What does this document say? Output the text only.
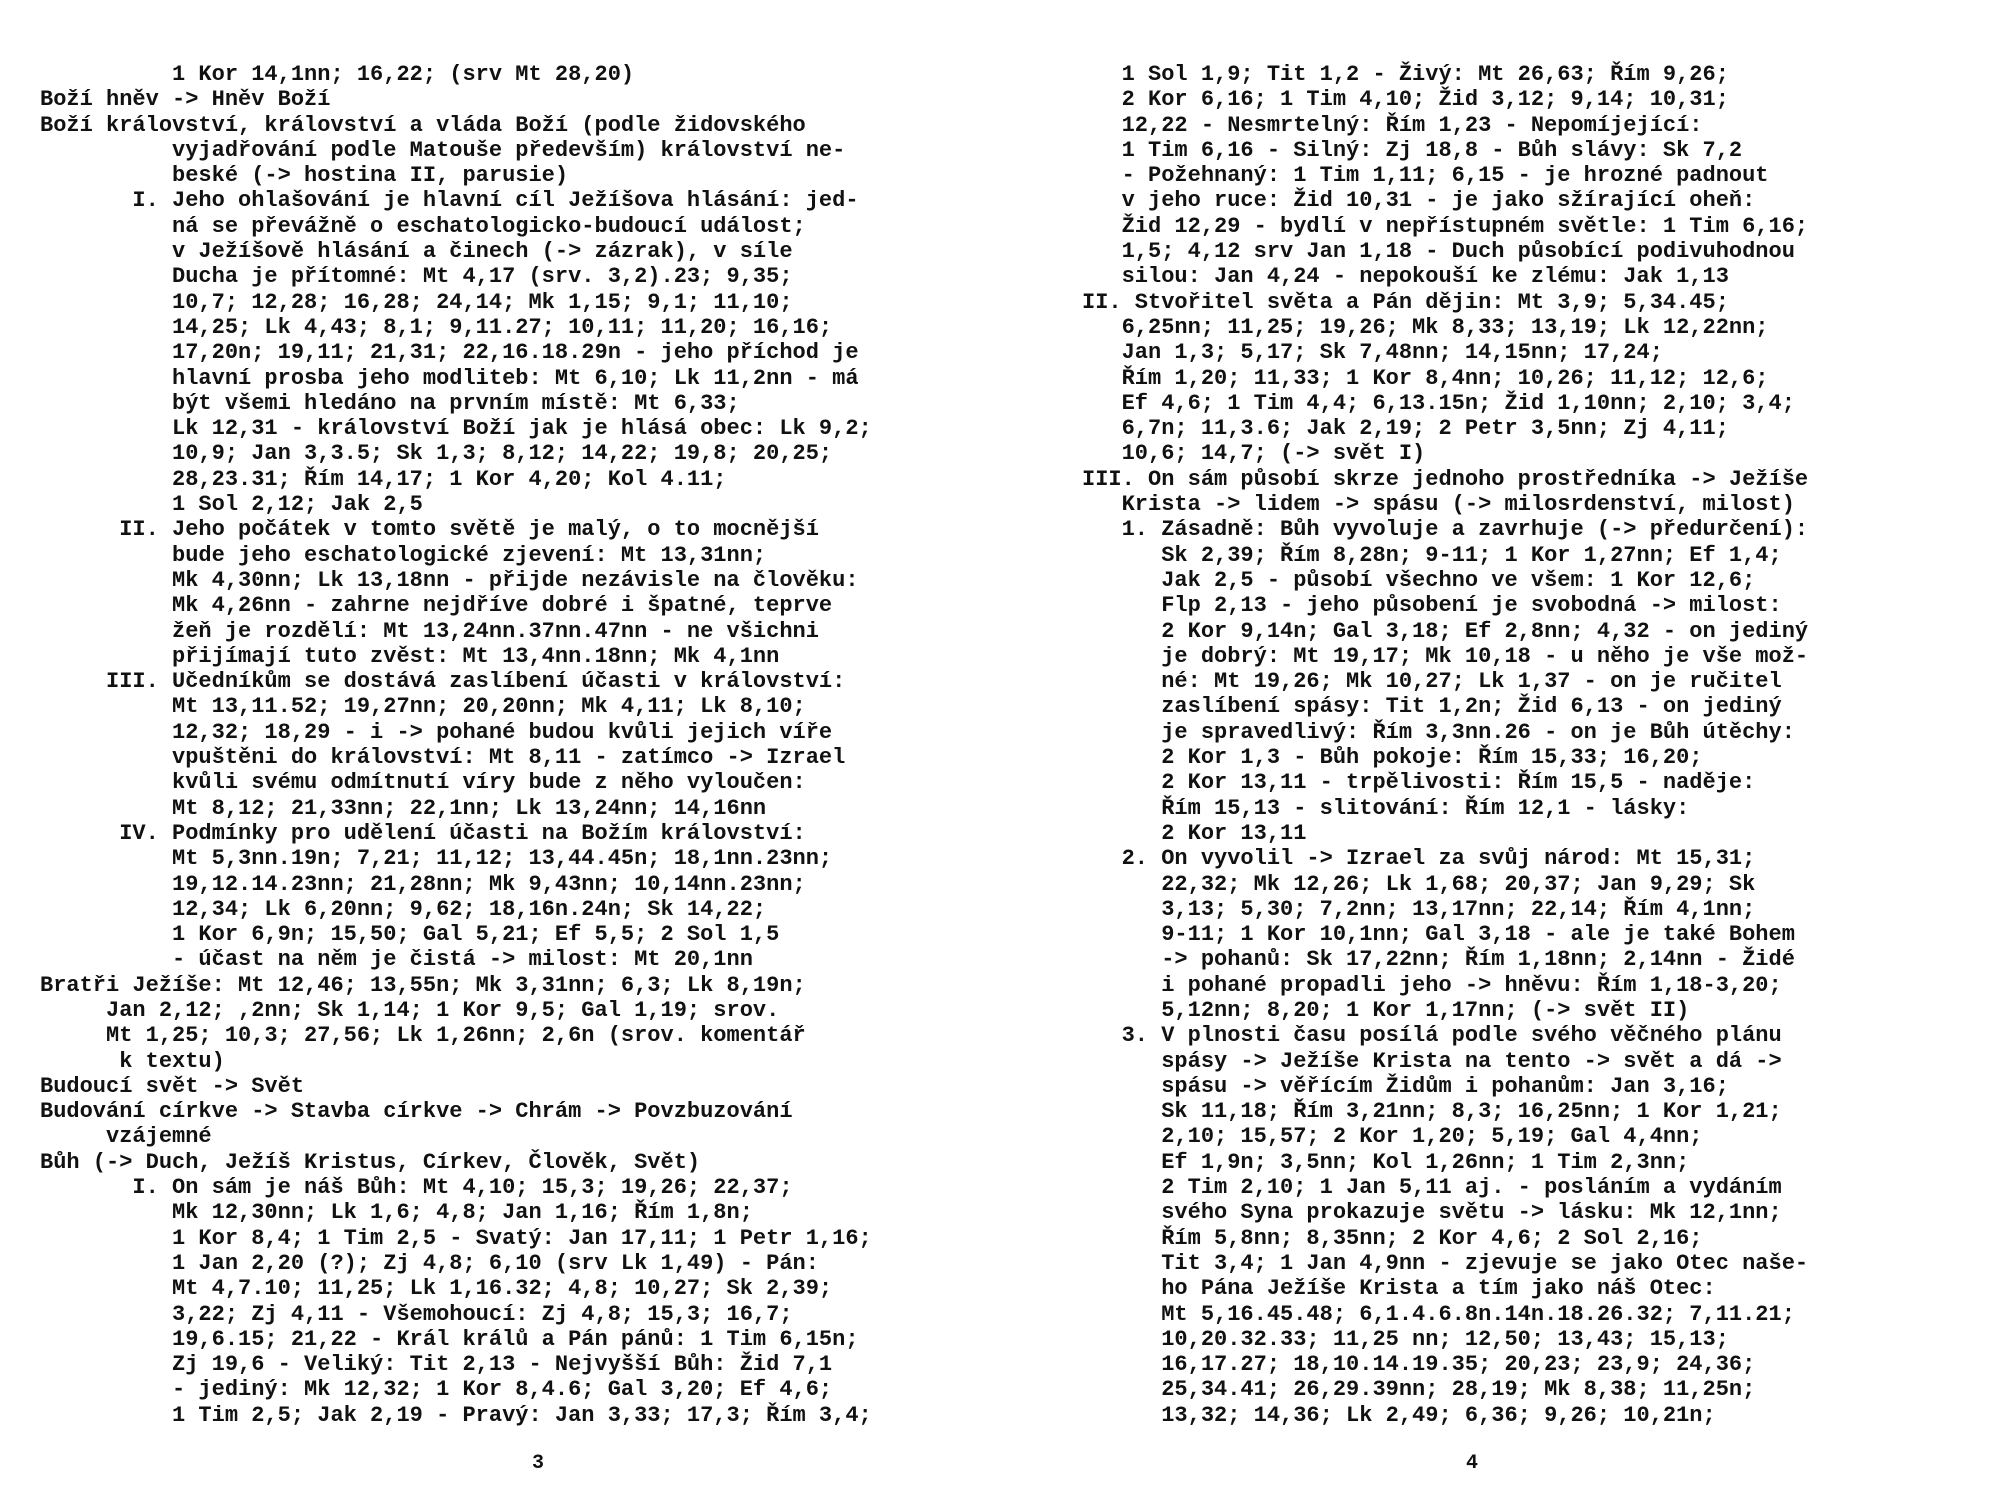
1 Kor 14,1nn; 16,22; (srv Mt 28,20)
Boží hněv -> Hněv Boží
Boží království, království a vláda Boží (podle židovského
vyjadřování podle Matouše především) království ne-
beské (-> hostina II, parusie)
I. Jeho ohlašování je hlavní cíl Ježíšova hlásání: jed-
ná se převážně o eschatologicko-budoucí událost;
v Ježíšově hlásání a činech (-> zázrak), v síle
Ducha je přítomné: Mt 4,17 (srv. 3,2).23; 9,35;
10,7; 12,28; 16,28; 24,14; Mk 1,15; 9,1; 11,10;
14,25; Lk 4,43; 8,1; 9,11.27; 10,11; 11,20; 16,16;
17,20n; 19,11; 21,31; 22,16.18.29n - jeho příchod je
hlavní prosba jeho modliteb: Mt 6,10; Lk 11,2nn - má
být všemi hledáno na prvním místě: Mt 6,33;
Lk 12,31 - království Boží jak je hlásá obec: Lk 9,2;
10,9; Jan 3,3.5; Sk 1,3; 8,12; 14,22; 19,8; 20,25;
28,23.31; Řím 14,17; 1 Kor 4,20; Kol 4.11;
1 Sol 2,12; Jak 2,5
II. Jeho počátek v tomto světě je malý, o to mocnější
bude jeho eschatologické zjevení: Mt 13,31nn;
Mk 4,30nn; Lk 13,18nn - přijde nezávisle na člověku:
Mk 4,26nn - zahrne nejdříve dobré i špatné, teprve
žeň je rozdělí: Mt 13,24nn.37nn.47nn - ne všichni
přijímají tuto zvěst: Mt 13,4nn.18nn; Mk 4,1nn
III. Učedníkům se dostává zaslíbení účasti v království:
Mt 13,11.52; 19,27nn; 20,20nn; Mk 4,11; Lk 8,10;
12,32; 18,29 - i -> pohané budou kvůli jejich víře
vpuštěni do království: Mt 8,11 - zatímco -> Izrael
kvůli svému odmítnutí víry bude z něho vyloučen:
Mt 8,12; 21,33nn; 22,1nn; Lk 13,24nn; 14,16nn
IV. Podmínky pro udělení účasti na Božím království:
Mt 5,3nn.19n; 7,21; 11,12; 13,44.45n; 18,1nn.23nn;
19,12.14.23nn; 21,28nn; Mk 9,43nn; 10,14nn.23nn;
12,34; Lk 6,20nn; 9,62; 18,16n.24n; Sk 14,22;
1 Kor 6,9n; 15,50; Gal 5,21; Ef 5,5; 2 Sol 1,5
- účast na něm je čistá -> milost: Mt 20,1nn
Bratři Ježíše: Mt 12,46; 13,55n; Mk 3,31nn; 6,3; Lk 8,19n;
Jan 2,12; ,2nn; Sk 1,14; 1 Kor 9,5; Gal 1,19; srov.
Mt 1,25; 10,3; 27,56; Lk 1,26nn; 2,6n (srov. komentář
k textu)
Budoucí svět -> Svět
Budování církve -> Stavba církve -> Chrám -> Povzbuzování
vzájemné
Bůh (-> Duch, Ježíš Kristus, Církev, Člověk, Svět)
I. On sám je náš Bůh: Mt 4,10; 15,3; 19,26; 22,37;
Mk 12,30nn; Lk 1,6; 4,8; Jan 1,16; Řím 1,8n;
1 Kor 8,4; 1 Tim 2,5 - Svatý: Jan 17,11; 1 Petr 1,16;
1 Jan 2,20 (?); Zj 4,8; 6,10 (srv Lk 1,49) - Pán:
Mt 4,7.10; 11,25; Lk 1,16.32; 4,8; 10,27; Sk 2,39;
3,22; Zj 4,11 - Všemohoucí: Zj 4,8; 15,3; 16,7;
19,6.15; 21,22 - Král králů a Pán pánů: 1 Tim 6,15n;
Zj 19,6 - Veliký: Tit 2,13 - Nejvyšší Bůh: Žid 7,1
- jediný: Mk 12,32; 1 Kor 8,4.6; Gal 3,20; Ef 4,6;
1 Tim 2,5; Jak 2,19 - Pravý: Jan 3,33; 17,3; Řím 3,4;
3
1 Sol 1,9; Tit 1,2 - Živý: Mt 26,63; Řím 9,26;
2 Kor 6,16; 1 Tim 4,10; Žid 3,12; 9,14; 10,31;
12,22 - Nesmrtelný: Řím 1,23 - Nepomíjející:
1 Tim 6,16 - Silný: Zj 18,8 - Bůh slávy: Sk 7,2
- Požehnaný: 1 Tim 1,11; 6,15 - je hrozné padnout
v jeho ruce: Žid 10,31 - je jako sžírající oheň:
Žid 12,29 - bydlí v nepřístupném světle: 1 Tim 6,16;
1,5; 4,12 srv Jan 1,18 - Duch působící podivuhodnou
silou: Jan 4,24 - nepokouší ke zlému: Jak 1,13
II. Stvořitel světa a Pán dějin: Mt 3,9; 5,34.45;
6,25nn; 11,25; 19,26; Mk 8,33; 13,19; Lk 12,22nn;
Jan 1,3; 5,17; Sk 7,48nn; 14,15nn; 17,24;
Řím 1,20; 11,33; 1 Kor 8,4nn; 10,26; 11,12; 12,6;
Ef 4,6; 1 Tim 4,4; 6,13.15n; Žid 1,10nn; 2,10; 3,4;
6,7n; 11,3.6; Jak 2,19; 2 Petr 3,5nn; Zj 4,11;
10,6; 14,7; (-> svět I)
III. On sám působí skrze jednoho prostředníka -> Ježíše
Krista -> lidem -> spásu (-> milosrdenství, milost)
1. Zásadně: Bůh vyvoluje a zavrhuje (-> předurčení):
Sk 2,39; Řím 8,28n; 9-11; 1 Kor 1,27nn; Ef 1,4;
Jak 2,5 - působí všechno ve všem: 1 Kor 12,6;
Flp 2,13 - jeho působení je svobodná -> milost:
2 Kor 9,14n; Gal 3,18; Ef 2,8nn; 4,32 - on jediný
je dobrý: Mt 19,17; Mk 10,18 - u něho je vše mož-
né: Mt 19,26; Mk 10,27; Lk 1,37 - on je ručitel
zaslíbení spásy: Tit 1,2n; Žid 6,13 - on jediný
je spravedlivý: Řím 3,3nn.26 - on je Bůh útěchy:
2 Kor 1,3 - Bůh pokoje: Řím 15,33; 16,20;
2 Kor 13,11 - trpělivosti: Řím 15,5 - naděje:
Řím 15,13 - slitování: Řím 12,1 - lásky:
2 Kor 13,11
2. On vyvolil -> Izrael za svůj národ: Mt 15,31;
22,32; Mk 12,26; Lk 1,68; 20,37; Jan 9,29; Sk
3,13; 5,30; 7,2nn; 13,17nn; 22,14; Řím 4,1nn;
9-11; 1 Kor 10,1nn; Gal 3,18 - ale je také Bohem
-> pohanů: Sk 17,22nn; Řím 1,18nn; 2,14nn - Židé
i pohané propadli jeho -> hněvu: Řím 1,18-3,20;
5,12nn; 8,20; 1 Kor 1,17nn; (-> svět II)
3. V plnosti času posílá podle svého věčného plánu
spásy -> Ježíše Krista na tento -> svět a dá ->
spásu -> věřícím Židům i pohanům: Jan 3,16;
Sk 11,18; Řím 3,21nn; 8,3; 16,25nn; 1 Kor 1,21;
2,10; 15,57; 2 Kor 1,20; 5,19; Gal 4,4nn;
Ef 1,9n; 3,5nn; Kol 1,26nn; 1 Tim 2,3nn;
2 Tim 2,10; 1 Jan 5,11 aj. - posláním a vydáním
svého Syna prokazuje světu -> lásku: Mk 12,1nn;
Řím 5,8nn; 8,35nn; 2 Kor 4,6; 2 Sol 2,16;
Tit 3,4; 1 Jan 4,9nn - zjevuje se jako Otec naše-
ho Pána Ježíše Krista a tím jako náš Otec:
Mt 5,16.45.48; 6,1.4.6.8n.14n.18.26.32; 7,11.21;
10,20.32.33; 11,25 nn; 12,50; 13,43; 15,13;
16,17.27; 18,10.14.19.35; 20,23; 23,9; 24,36;
25,34.41; 26,29.39nn; 28,19; Mk 8,38; 11,25n;
13,32; 14,36; Lk 2,49; 6,36; 9,26; 10,21n;
4
